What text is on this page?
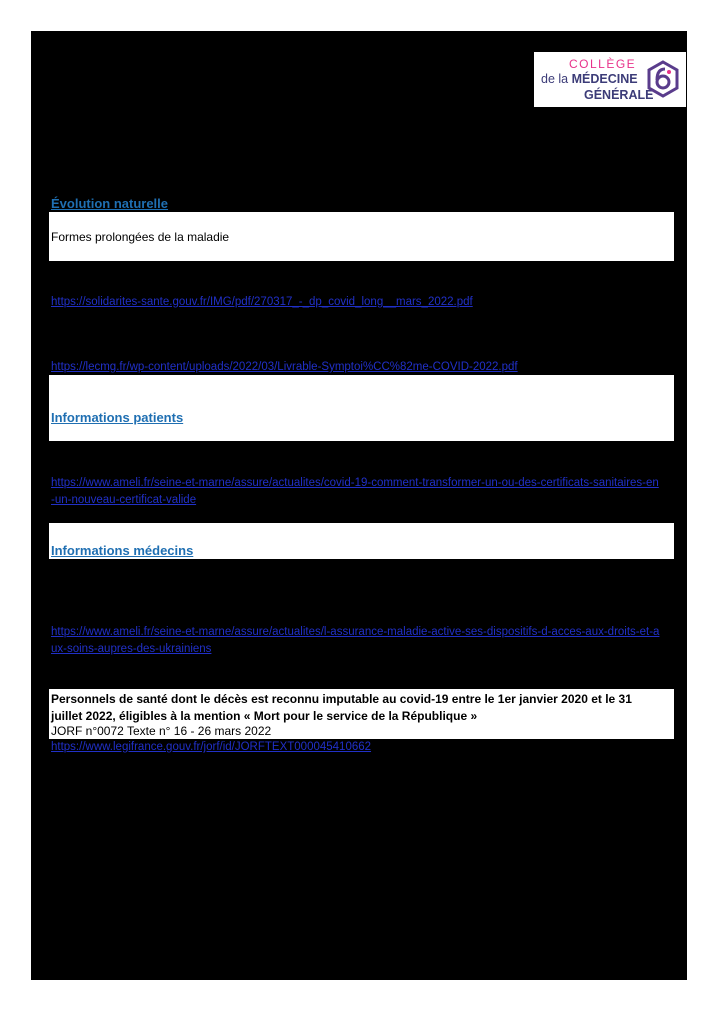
COLLÈGE
de la MÉDECINE
GÉNÉRALE
Évolution naturelle
Formes prolongées de la maladie
https://solidarites-sante.gouv.fr/IMG/pdf/270317_-_dp_covid_long__mars_2022.pdf
https://lecmg.fr/wp-content/uploads/2022/03/Livrable-Symptoi%CC%82me-COVID-2022.pdf
Informations patients
https://www.ameli.fr/seine-et-marne/assure/actualites/covid-19-comment-transformer-un-ou-des-certificats-sanitaires-en-un-nouveau-certificat-valide
Informations médecins
https://www.ameli.fr/seine-et-marne/assure/actualites/l-assurance-maladie-active-ses-dispositifs-d-acces-aux-droits-et-aux-soins-aupres-des-ukrainiens
Personnels de santé dont le décès est reconnu imputable au covid-19 entre le 1er janvier 2020 et le 31 juillet 2022, éligibles à la mention « Mort pour le service de la République »
JORF n°0072 Texte n° 16 - 26 mars 2022
https://www.legifrance.gouv.fr/jorf/id/JORFTEXT000045410662
